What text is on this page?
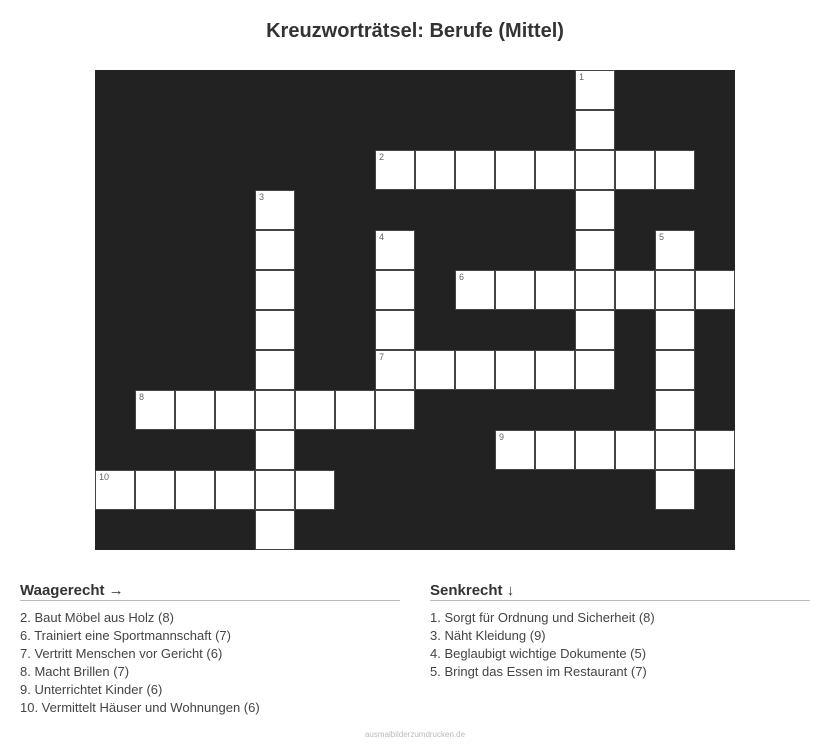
Kreuzworträtsel: Berufe (Mittel)
1
2
3
4	5
6
7
8
9
10
Waagerecht →
2. Baut Möbel aus Holz (8)
6. Trainiert eine Sportmannschaft (7)
7. Vertritt Menschen vor Gericht (6)
8. Macht Brillen (7)
9. Unterrichtet Kinder (6)
10. Vermittelt Häuser und Wohnungen (6)
Senkrecht ↓
1. Sorgt für Ordnung und Sicherheit (8)
3. Näht Kleidung (9)
4. Beglaubigt wichtige Dokumente (5)
5. Bringt das Essen im Restaurant (7)
ausmalbilderzumdrucken.de
